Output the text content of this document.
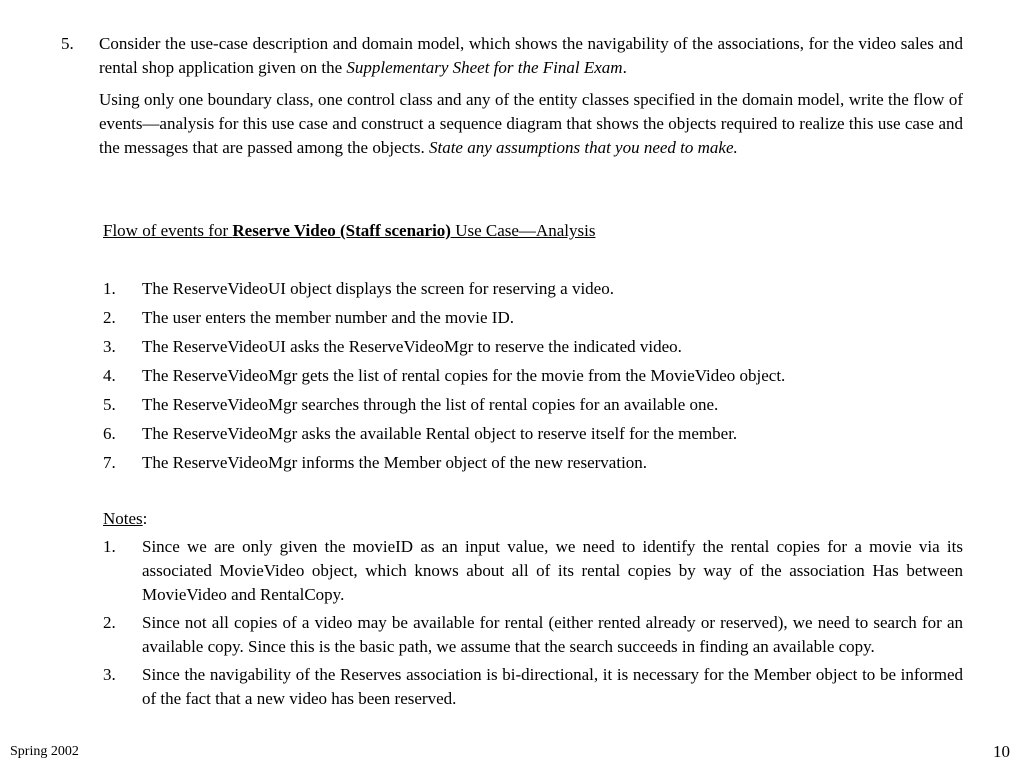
5. Consider the use-case description and domain model, which shows the navigability of the associations, for the video sales and rental shop application given on the Supplementary Sheet for the Final Exam.

Using only one boundary class, one control class and any of the entity classes specified in the domain model, write the flow of events—analysis for this use case and construct a sequence diagram that shows the objects required to realize this use case and the messages that are passed among the objects. State any assumptions that you need to make.

Flow of events for Reserve Video (Staff scenario) Use Case—Analysis
1. The ReserveVideoUI object displays the screen for reserving a video.
2. The user enters the member number and the movie ID.
3. The ReserveVideoUI asks the ReserveVideoMgr to reserve the indicated video.
4. The ReserveVideoMgr gets the list of rental copies for the movie from the MovieVideo object.
5. The ReserveVideoMgr searches through the list of rental copies for an available one.
6. The ReserveVideoMgr asks the available Rental object to reserve itself for the member.
7. The ReserveVideoMgr informs the Member object of the new reservation.
Notes:
1. Since we are only given the movieID as an input value, we need to identify the rental copies for a movie via its associated MovieVideo object, which knows about all of its rental copies by way of the association Has between MovieVideo and RentalCopy.
2. Since not all copies of a video may be available for rental (either rented already or reserved), we need to search for an available copy. Since this is the basic path, we assume that the search succeeds in finding an available copy.
3. Since the navigability of the Reserves association is bi-directional, it is necessary for the Member object to be informed of the fact that a new video has been reserved.
Spring 2002	10
